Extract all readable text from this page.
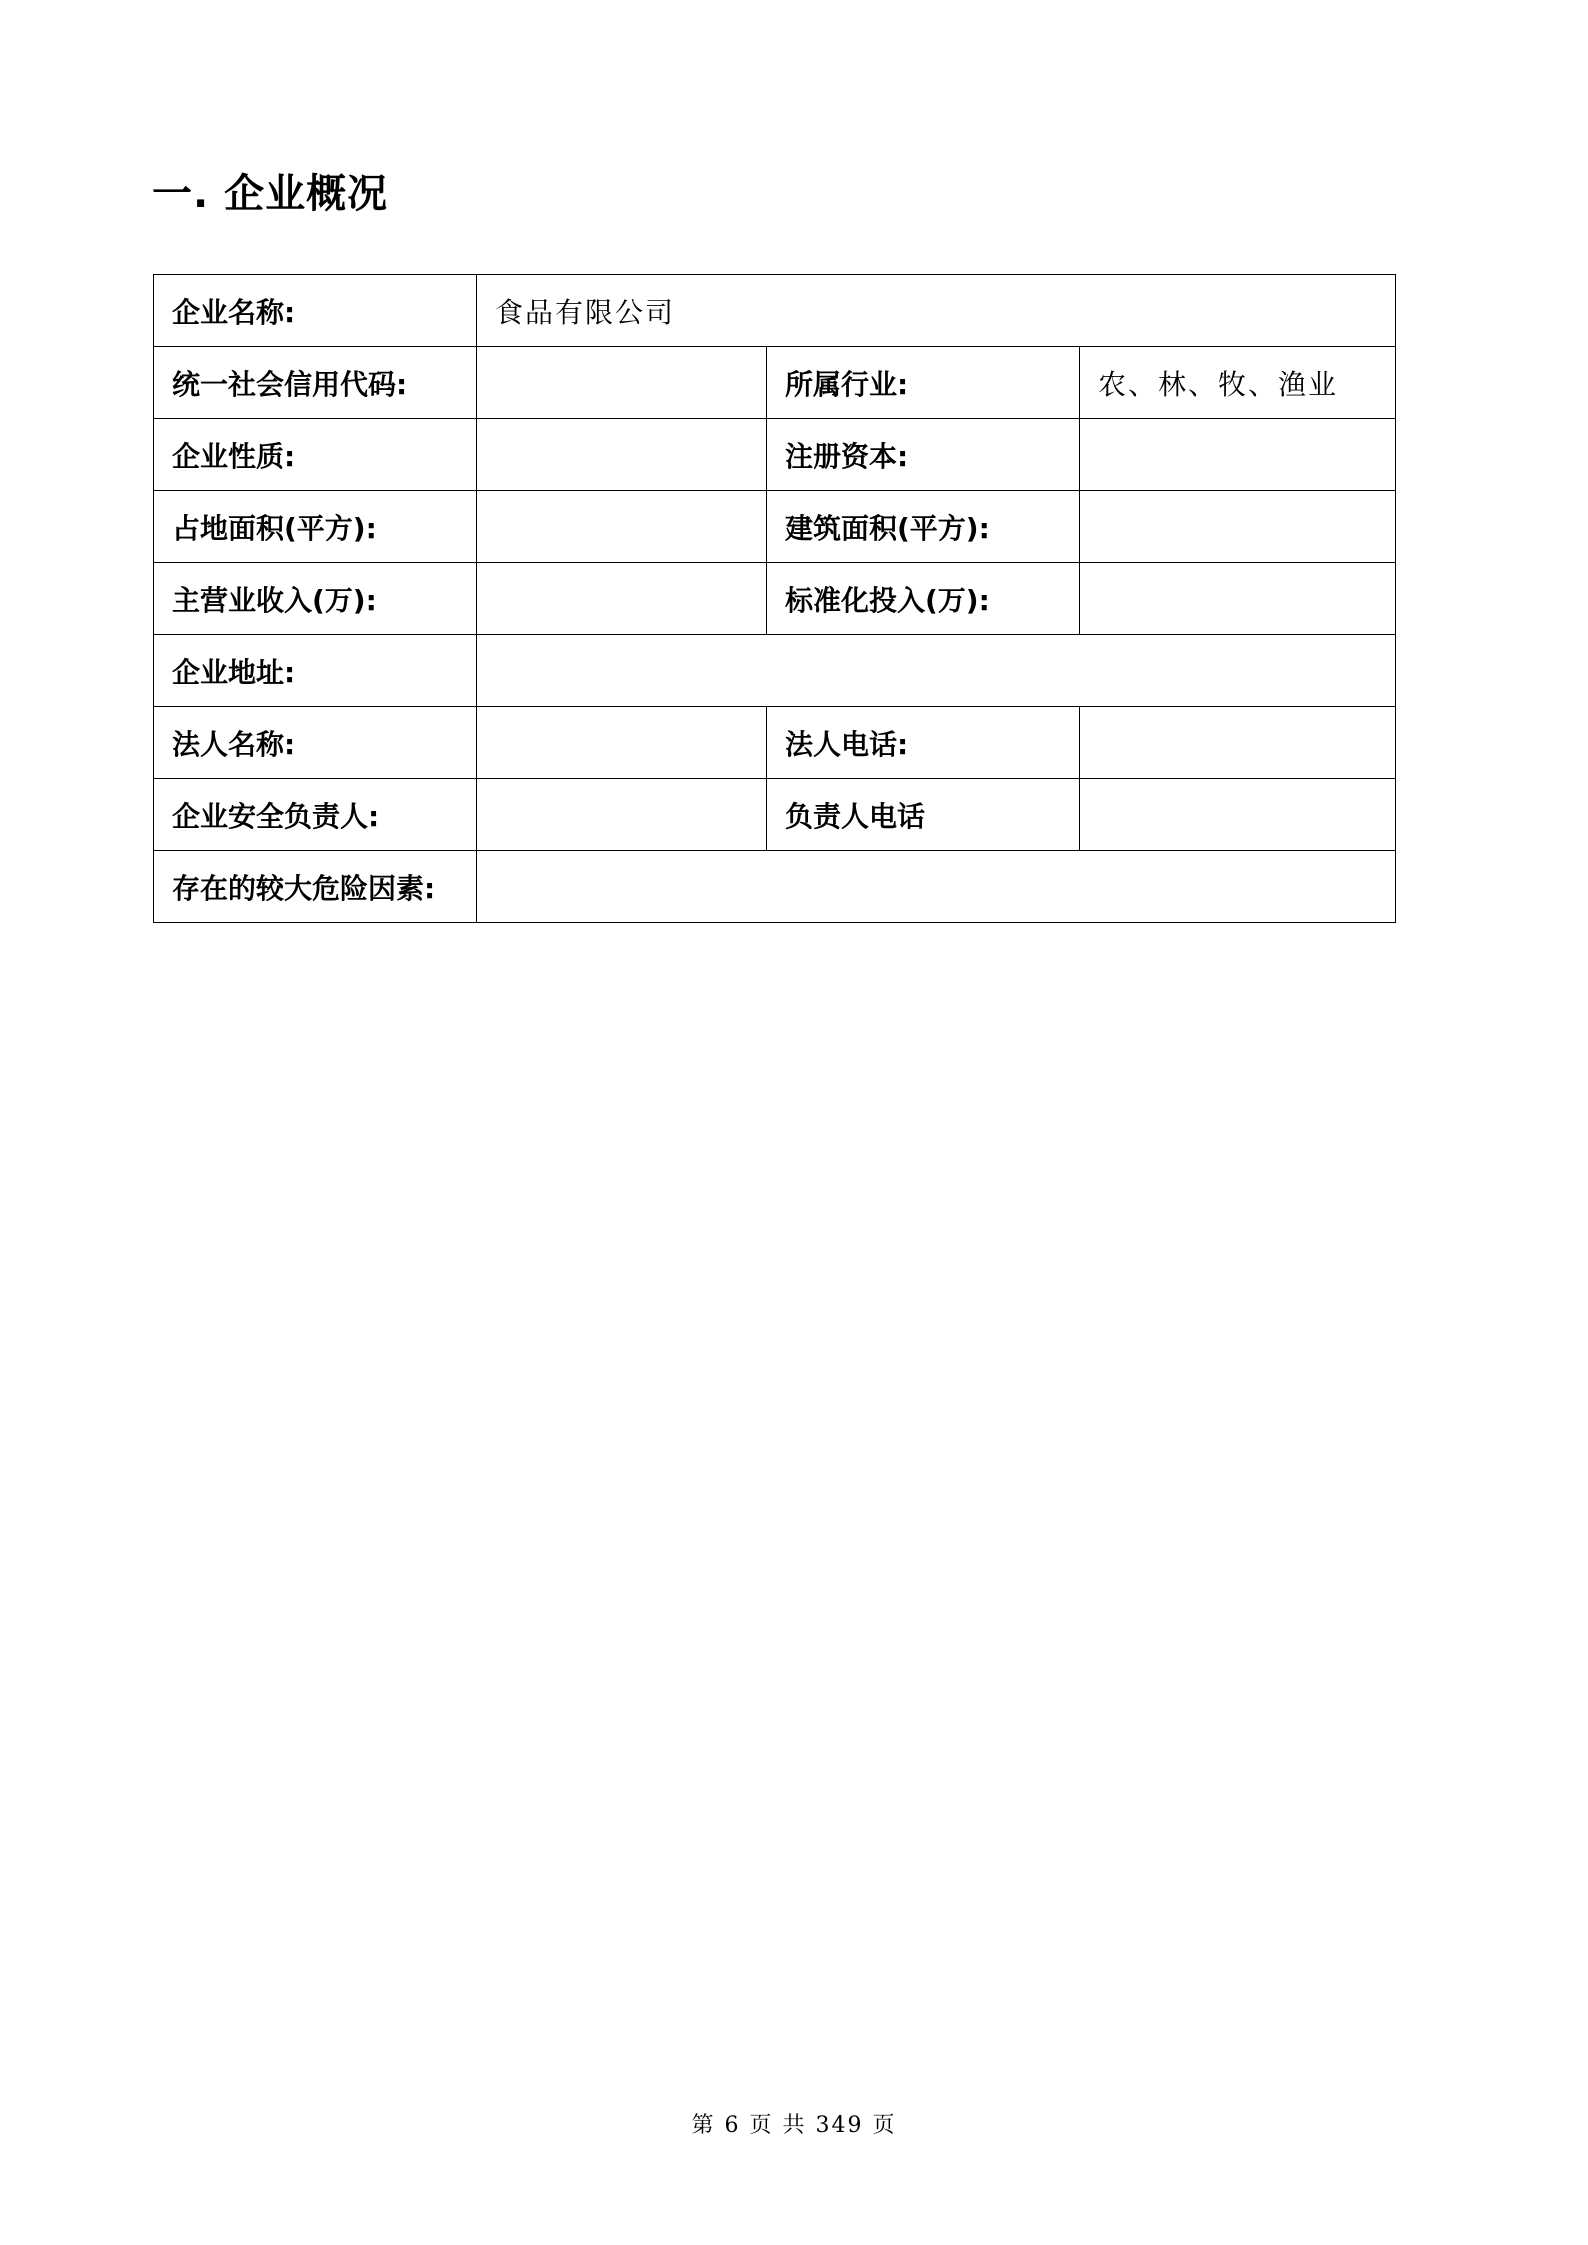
一. 企业概况
企业名称:	食品有限公司		
统一社会信用代码:		所属行业:	农、林、牧、渔业
企业性质:		注册资本:	
占地面积(平方):		建筑面积(平方):	
主营业收入(万):		标准化投入(万):	
企业地址:			
法人名称:		法人电话:	
企业安全负责人:		负责人电话	
存在的较大危险因素:			
第 6 页 共 349 页
